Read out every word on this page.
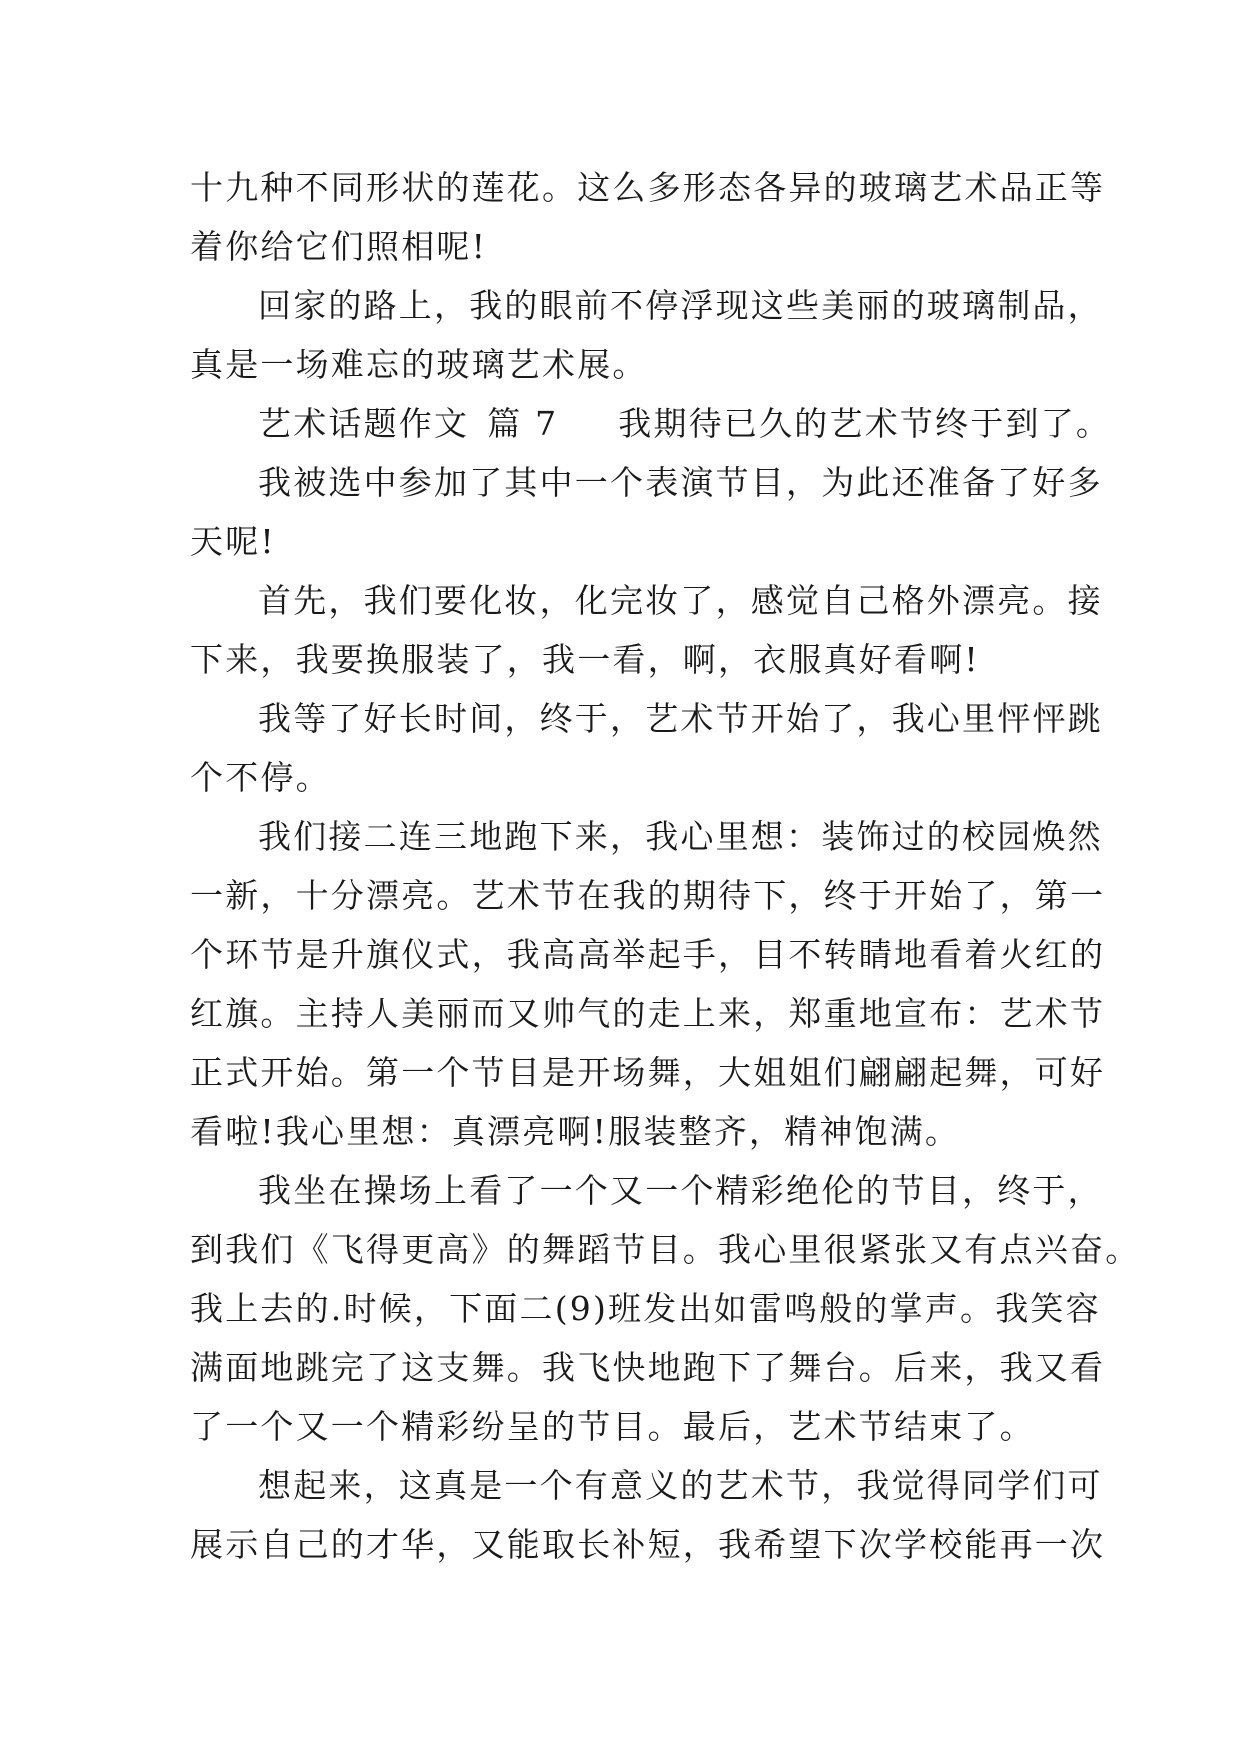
十九种不同形状的莲花。这么多形态各异的玻璃艺术品正等
着你给它们照相呢!
回家的路上，我的眼前不停浮现这些美丽的玻璃制品，
真是一场难忘的玻璃艺术展。
艺术话题作文 篇 7 我期待已久的艺术节终于到了。
我被选中参加了其中一个表演节目，为此还准备了好多
天呢!
首先，我们要化妆，化完妆了，感觉自己格外漂亮。接
下来，我要换服装了，我一看，啊，衣服真好看啊!
我等了好长时间，终于，艺术节开始了，我心里怦怦跳
个不停。
我们接二连三地跑下来，我心里想：装饰过的校园焕然
一新，十分漂亮。艺术节在我的期待下，终于开始了，第一
个环节是升旗仪式，我高高举起手，目不转睛地看着火红的
红旗。主持人美丽而又帅气的走上来，郑重地宣布：艺术节
正式开始。第一个节目是开场舞，大姐姐们翩翩起舞，可好
看啦!我心里想：真漂亮啊!服装整齐，精神饱满。
我坐在操场上看了一个又一个精彩绝伦的节目，终于，
到我们《飞得更高》的舞蹈节目。我心里很紧张又有点兴奋。
我上去的.时候，下面二(9)班发出如雷鸣般的掌声。我笑容
满面地跳完了这支舞。我飞快地跑下了舞台。后来，我又看
了一个又一个精彩纷呈的节目。最后，艺术节结束了。
想起来，这真是一个有意义的艺术节，我觉得同学们可
展示自己的才华，又能取长补短，我希望下次学校能再一次
